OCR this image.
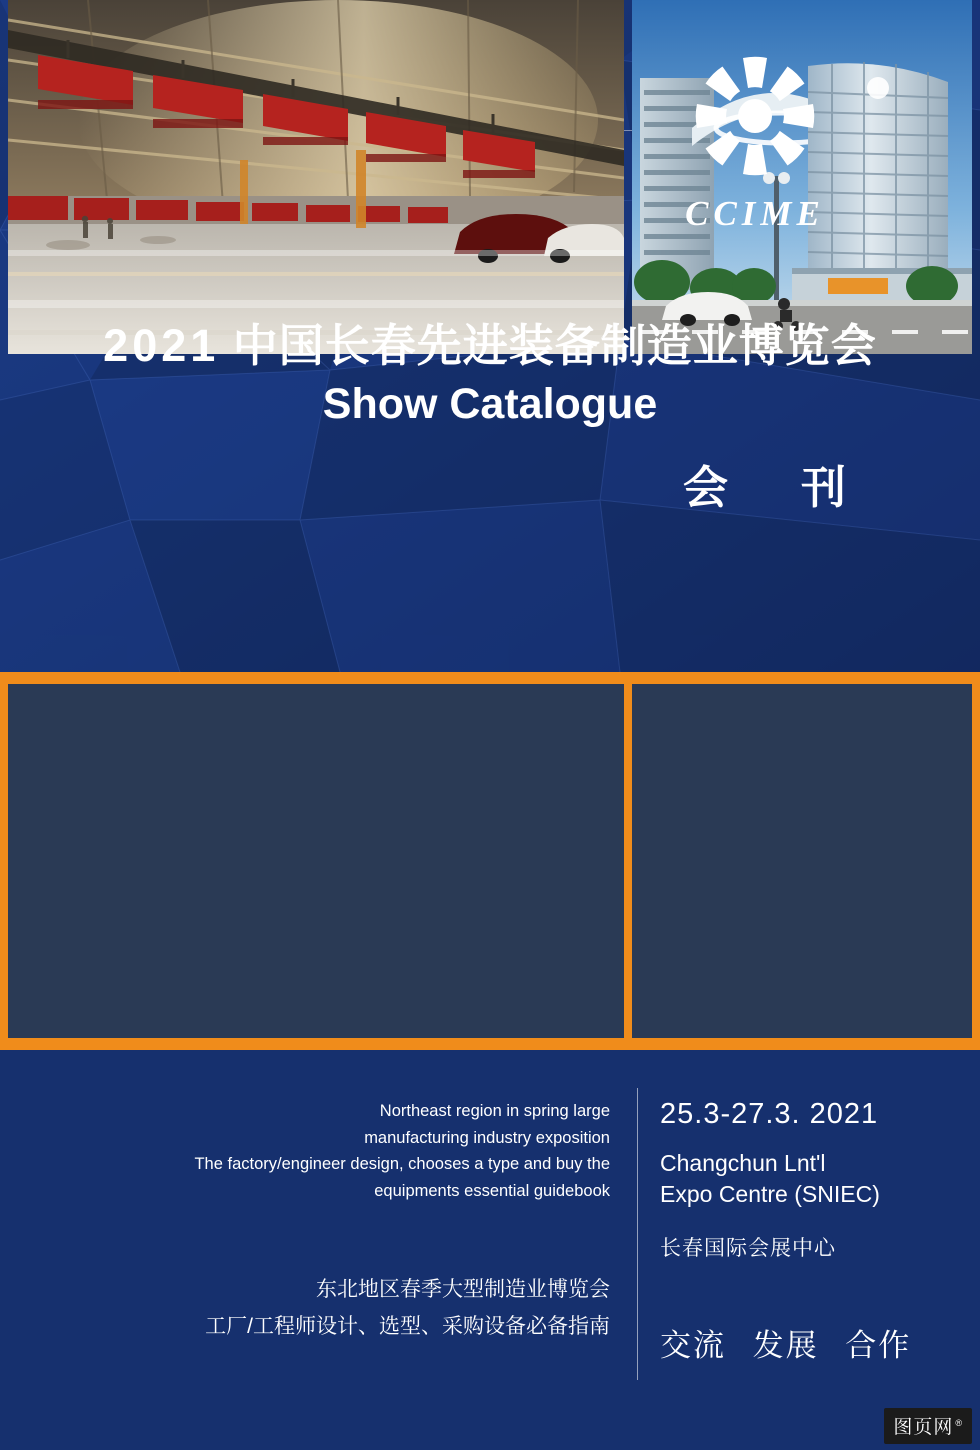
CCIME
2021 中国长春先进装备制造业博览会
Show Catalogue
会　刊
Northeast region in spring large
manufacturing industry exposition
The factory/engineer design, chooses a type and buy the
equipments essential guidebook
东北地区春季大型制造业博览会
工厂/工程师设计、选型、采购设备必备指南
25.3-27.3. 2021
Changchun Lnt'l
Expo Centre (SNIEC)
长春国际会展中心
交流 发展 合作
图页网 ®
